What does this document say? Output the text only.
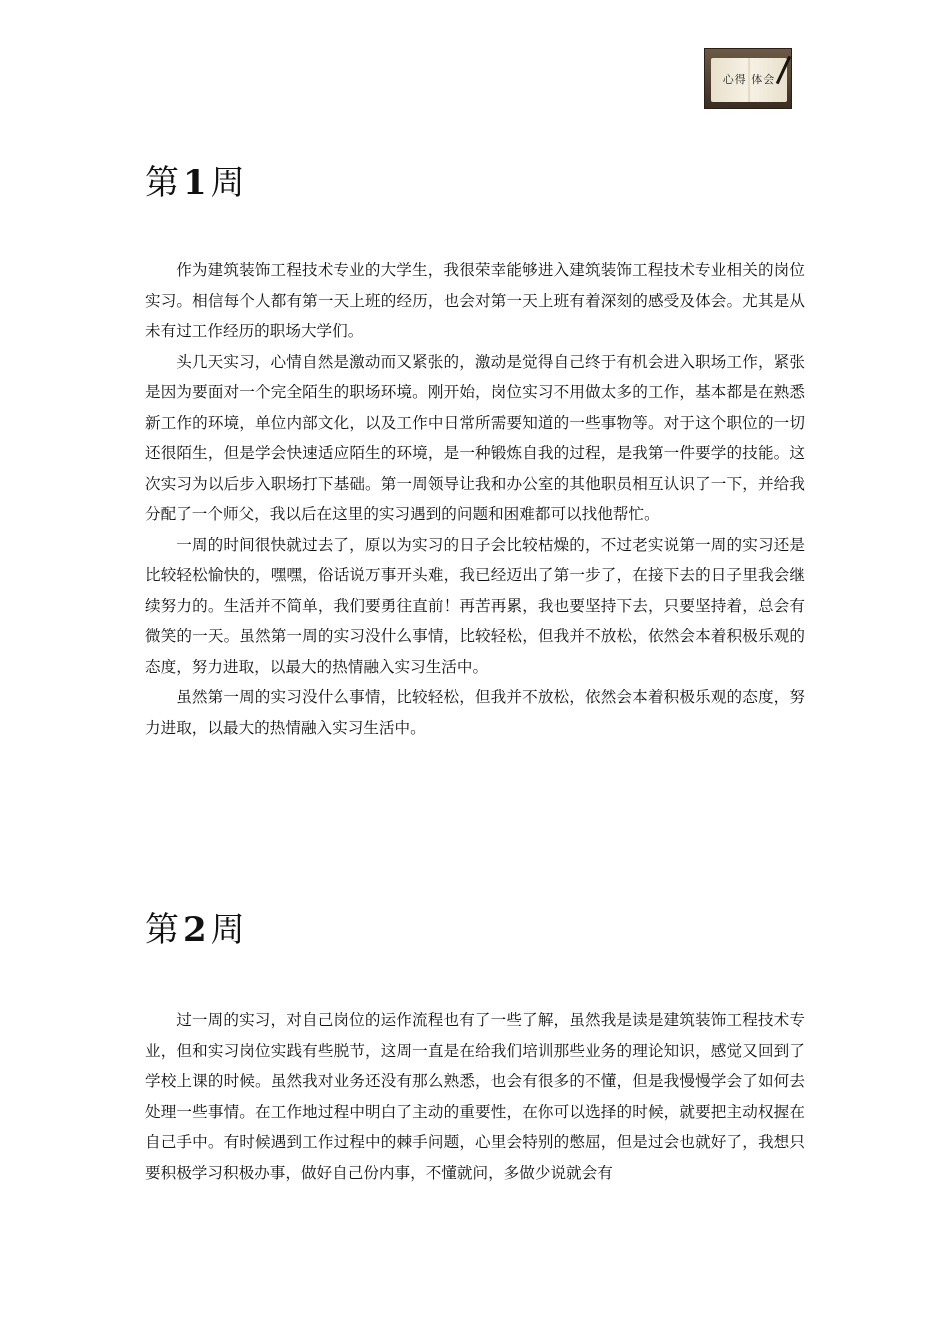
心得 体会
第 1 周

作为建筑装饰工程技术专业的大学生，我很荣幸能够进入建筑装饰工程技术专业相关的岗位实习。相信每个人都有第一天上班的经历，也会对第一天上班有着深刻的感受及体会。尤其是从未有过工作经历的职场大学们。

头几天实习，心情自然是激动而又紧张的，激动是觉得自己终于有机会进入职场工作，紧张是因为要面对一个完全陌生的职场环境。刚开始，岗位实习不用做太多的工作，基本都是在熟悉新工作的环境，单位内部文化，以及工作中日常所需要知道的一些事物等。对于这个职位的一切还很陌生，但是学会快速适应陌生的环境，是一种锻炼自我的过程，是我第一件要学的技能。这次实习为以后步入职场打下基础。第一周领导让我和办公室的其他职员相互认识了一下，并给我分配了一个师父，我以后在这里的实习遇到的问题和困难都可以找他帮忙。

一周的时间很快就过去了，原以为实习的日子会比较枯燥的，不过老实说第一周的实习还是比较轻松愉快的，嘿嘿，俗话说万事开头难，我已经迈出了第一步了，在接下去的日子里我会继续努力的。生活并不简单，我们要勇往直前！再苦再累，我也要坚持下去，只要坚持着，总会有微笑的一天。虽然第一周的实习没什么事情，比较轻松，但我并不放松，依然会本着积极乐观的态度，努力进取，以最大的热情融入实习生活中。

虽然第一周的实习没什么事情，比较轻松，但我并不放松，依然会本着积极乐观的态度，努力进取，以最大的热情融入实习生活中。

第 2 周

过一周的实习，对自己岗位的运作流程也有了一些了解，虽然我是读是建筑装饰工程技术专业，但和实习岗位实践有些脱节，这周一直是在给我们培训那些业务的理论知识，感觉又回到了学校上课的时候。虽然我对业务还没有那么熟悉，也会有很多的不懂，但是我慢慢学会了如何去处理一些事情。在工作地过程中明白了主动的重要性，在你可以选择的时候，就要把主动权握在自己手中。有时候遇到工作过程中的棘手问题，心里会特别的憋屈，但是过会也就好了，我想只要积极学习积极办事，做好自己份内事，不懂就问，多做少说就会有
